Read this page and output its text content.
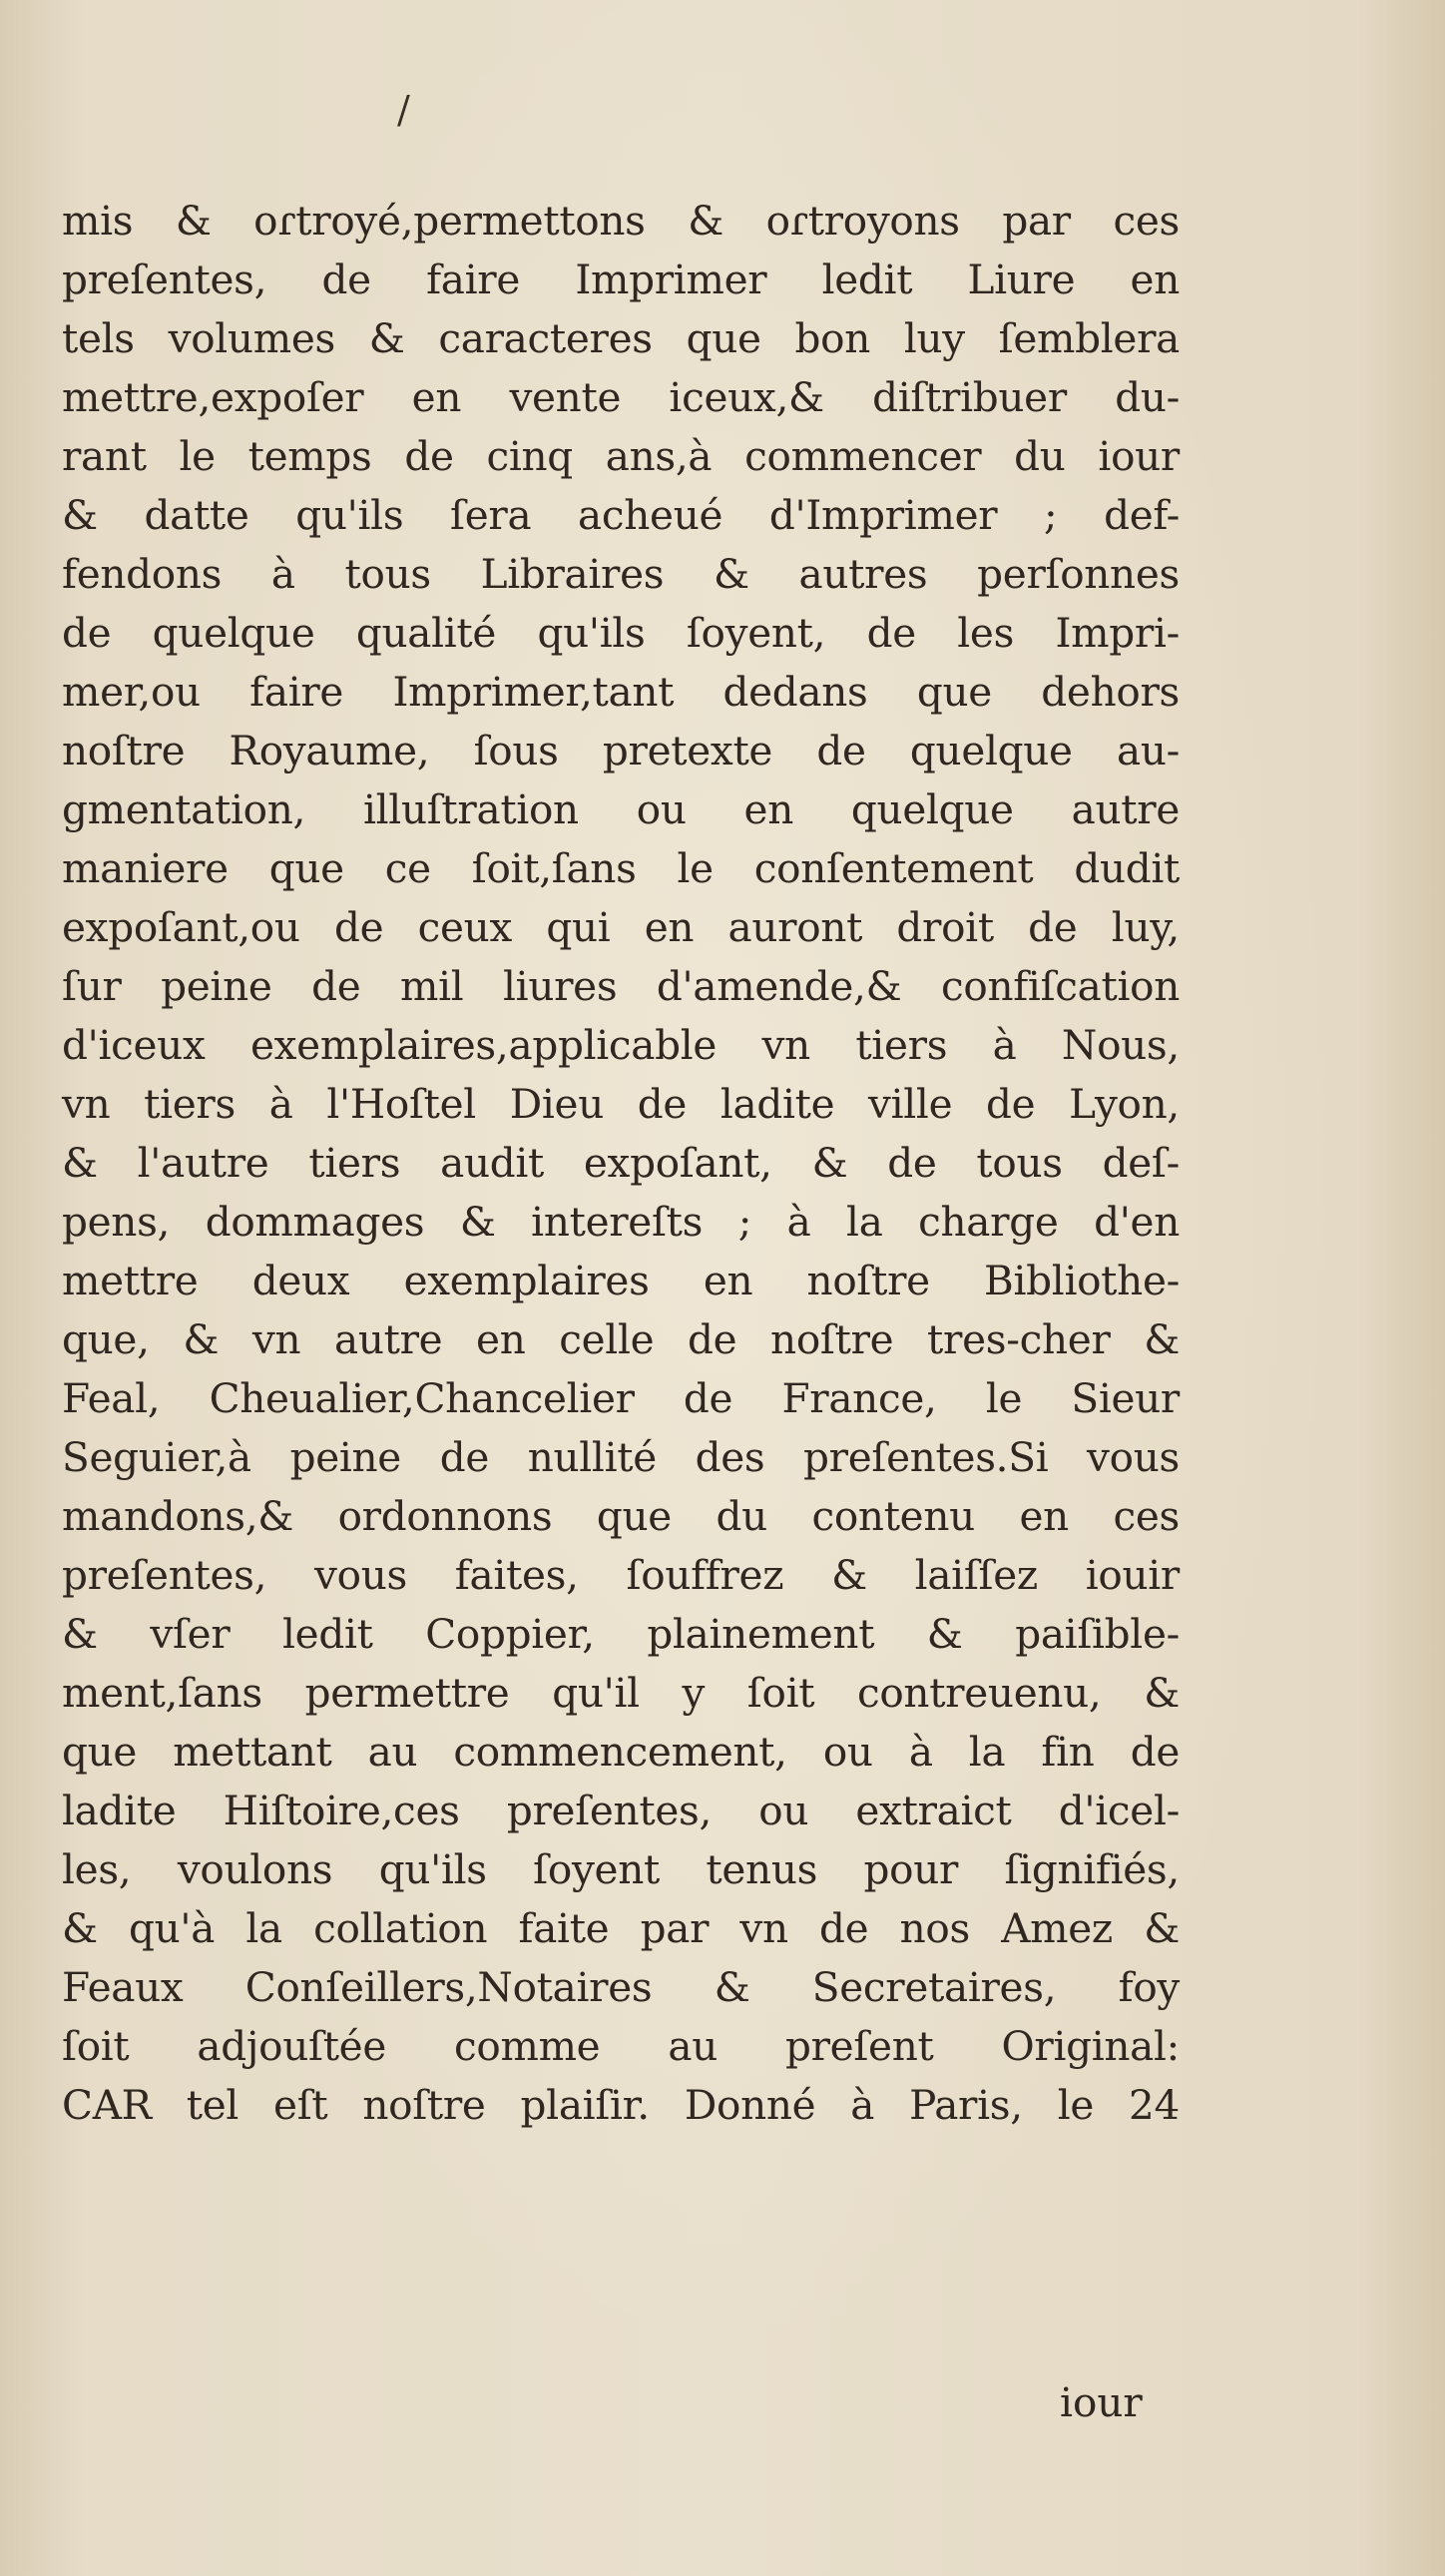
/
mis & oɾtroyé,permettons & oɾtroyons par ces
preſentes, de faire Imprimer ledit Liure en
tels volumes & caracteres que bon luy ſemblera
mettre,expoſer en vente iceux,& diſtribuer du-
rant le temps de cinq ans,à commencer du iour
& datte qu'ils ſera acheué d'Imprimer ; def-
fendons à tous Libraires & autres perſonnes
de quelque qualité qu'ils ſoyent, de les Impri-
mer,ou faire Imprimer,tant dedans que dehors
noſtre Royaume, ſous pretexte de quelque au-
gmentation, illuſtration ou en quelque autre
maniere que ce ſoit,ſans le conſentement dudit
expoſant,ou de ceux qui en auront droit de luy,
ſur peine de mil liures d'amende,& confiſcation
d'iceux exemplaires,applicable vn tiers à Nous,
vn tiers à l'Hoſtel Dieu de ladite ville de Lyon,
& l'autre tiers audit expoſant, & de tous deſ-
pens, dommages & intereſts ; à la charge d'en
mettre deux exemplaires en noſtre Bibliothe-
que, & vn autre en celle de noſtre tres-cher &
Feal, Cheualier,Chancelier de France, le Sieur
Seguier,à peine de nullité des preſentes.Si vous
mandons,& ordonnons que du contenu en ces
preſentes, vous faites, ſouffrez & laiſſez iouir
& vſer ledit Coppier, plainement & paiſible-
ment,ſans permettre qu'il y ſoit contreuenu, &
que mettant au commencement, ou à la fin de
ladite Hiſtoire,ces preſentes, ou extraict d'icel-
les, voulons qu'ils ſoyent tenus pour ſignifiés,
& qu'à la collation faite par vn de nos Amez &
Feaux Conſeillers,Notaires & Secretaires, foy
ſoit adjouſtée comme au preſent Original:
CAR tel eſt noſtre plaiſir. Donné à Paris, le 24
iour
